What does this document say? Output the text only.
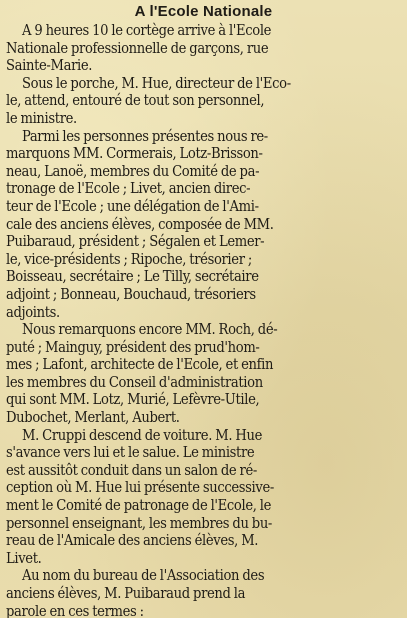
A l'Ecole Nationale

A 9 heures 10 le cortège arrive à l'Ecole
Nationale professionnelle de garçons, rue
Sainte-Marie.

Sous le porche, M. Hue, directeur de l'Eco-
le, attend, entouré de tout son personnel,
le ministre.

Parmi les personnes présentes nous re-
marquons MM. Cormerais, Lotz-Brisson-
neau, Lanoë, membres du Comité de pa-
tronage de l'Ecole ; Livet, ancien direc-
teur de l'Ecole ; une délégation de l'Ami-
cale des anciens élèves, composée de MM.
Puibaraud, président ; Ségalen et Lemer-
le, vice-présidents ; Ripoche, trésorier ;
Boisseau, secrétaire ; Le Tilly, secrétaire
adjoint ; Bonneau, Bouchaud, trésoriers
adjoints.

Nous remarquons encore MM. Roch, dé-
puté ; Mainguy, président des prud'hom-
mes ; Lafont, architecte de l'Ecole, et enfin
les membres du Conseil d'administration
qui sont MM. Lotz, Murié, Lefèvre-Utile,
Dubochet, Merlant, Aubert.

M. Cruppi descend de voiture. M. Hue
s'avance vers lui et le salue. Le ministre
est aussitôt conduit dans un salon de ré-
ception où M. Hue lui présente successive-
ment le Comité de patronage de l'Ecole, le
personnel enseignant, les membres du bu-
reau de l'Amicale des anciens élèves, M.
Livet.

Au nom du bureau de l'Association des
anciens élèves, M. Puibaraud prend la
parole en ces termes :
